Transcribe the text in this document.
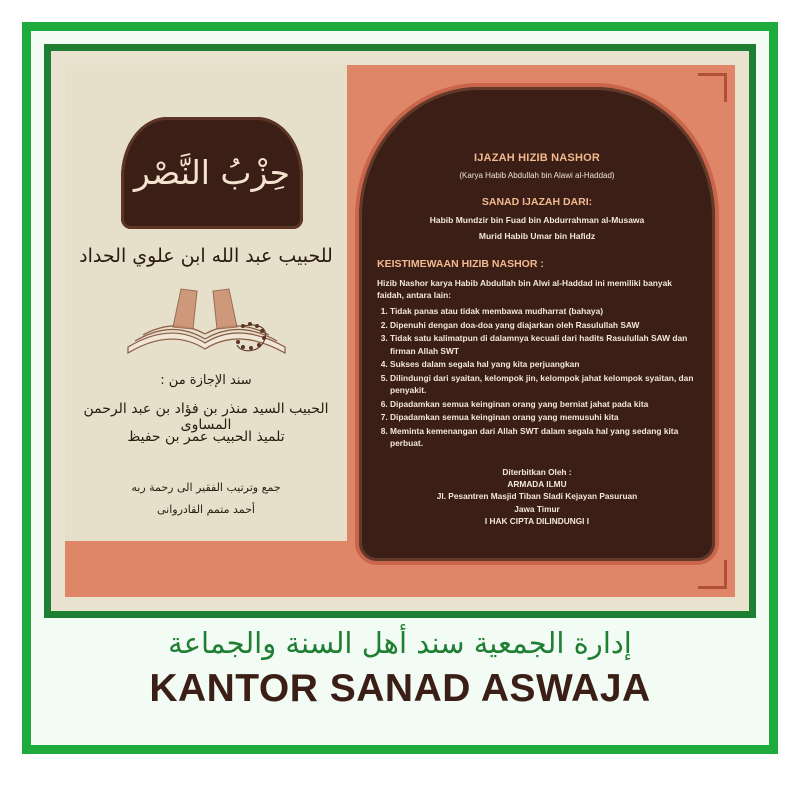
حِزْبُ النَّصْر
للحبيب عبد الله ابن علوي الحداد
سند الإجازة من :
الحبيب السيد منذر بن فؤاد بن عبد الرحمن المساوى
تلميذ الحبيب عمر بن حفيظ
جمع وترتيب الفقير الى رحمة ربه
أحمد متمم القادروانى
IJAZAH HIZIB NASHOR
(Karya Habib Abdullah bin Alawi al-Haddad)
SANAD IJAZAH DARI:
Habib Mundzir bin Fuad bin Abdurrahman al-Musawa
Murid Habib Umar bin Hafidz
KEISTIMEWAAN HIZIB NASHOR :
Hizib Nashor karya Habib Abdullah bin Alwi al-Haddad ini memiliki banyak faidah, antara lain:
1. Tidak panas atau tidak membawa mudharrat (bahaya)
2. Dipenuhi dengan doa-doa yang diajarkan oleh Rasulullah SAW
3. Tidak satu kalimatpun di dalamnya kecuali dari hadits Rasulullah SAW dan firman Allah SWT
4. Sukses dalam segala hal yang kita perjuangkan
5. Dilindungi dari syaitan, kelompok jin, kelompok jahat kelompok syaitan, dan penyakit.
6. Dipadamkan semua keinginan orang yang berniat jahat pada kita
7. Dipadamkan semua keinginan orang yang memusuhi kita
8. Meminta kemenangan dari Allah SWT dalam segala hal yang sedang kita perbuat.
Diterbitkan Oleh :
ARMADA ILMU
Jl. Pesantren Masjid Tiban Sladi Kejayan Pasuruan
Jawa Timur
I HAK CIPTA DILINDUNGI I
إدارة الجمعية سند أهل السنة والجماعة
KANTOR SANAD ASWAJA
